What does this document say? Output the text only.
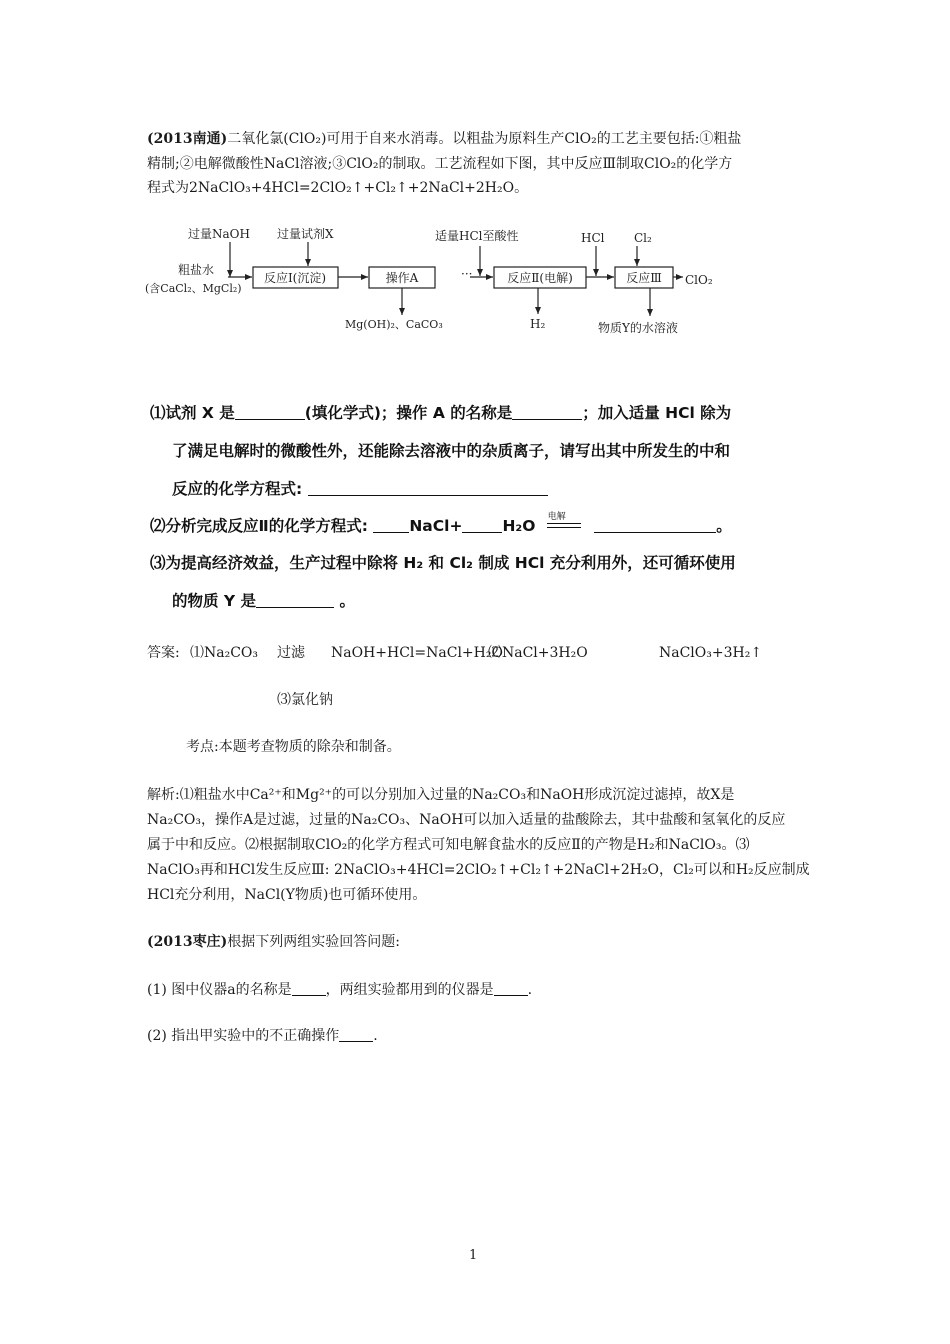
(2013南通)二氧化氯(ClO₂)可用于自来水消毒。以粗盐为原料生产ClO₂的工艺主要包括:①粗盐
精制;②电解微酸性NaCl溶液;③ClO₂的制取。工艺流程如下图，其中反应Ⅲ制取ClO₂的化学方
程式为2NaClO₃+4HCl=2ClO₂↑+Cl₂↑+2NaCl+2H₂O。
过量NaOH 过量试剂X	适量HCl至酸性	HCl Cl₂
粗盐水
(含CaCl₂、MgCl₂)
···	ClO₂
Mg(OH)₂、CaCO₃	H₂	物质Y的水溶液
反应Ⅰ(沉淀)	操作A	反应Ⅱ(电解)	反应Ⅲ
⑴试剂 X 是	(填化学式)；操作 A 的名称是	；加入适量 HCl 除为
了满足电解时的微酸性外，还能除去溶液中的杂质离子，请写出其中所发生的中和
反应的化学方程式:
⑵分析完成反应Ⅱ的化学方程式:	NaCl+	H₂O 电解	。
⑶为提高经济效益，生产过程中除将 H₂ 和 Cl₂ 制成 HCl 充分利用外，还可循环使用
的物质 Y 是	。
答案: ⑴Na₂CO₃ 过滤 NaOH+HCl=NaCl+H₂O
⑵NaCl+3H₂O	NaClO₃+3H₂↑
⑶氯化钠
考点:本题考查物质的除杂和制备。
解析:⑴粗盐水中Ca²⁺和Mg²⁺的可以分别加入过量的Na₂CO₃和NaOH形成沉淀过滤掉，故X是
Na₂CO₃，操作A是过滤，过量的Na₂CO₃、NaOH可以加入适量的盐酸除去，其中盐酸和氢氧化的反应
属于中和反应。⑵根据制取ClO₂的化学方程式可知电解食盐水的反应Ⅱ的产物是H₂和NaClO₃。⑶
NaClO₃再和HCl发生反应Ⅲ: 2NaClO₃+4HCl=2ClO₂↑+Cl₂↑+2NaCl+2H₂O，Cl₂可以和H₂反应制成
HCl充分利用，NaCl(Y物质)也可循环使用。
(2013枣庄)根据下列两组实验回答问题:
(1) 图中仪器a的名称是 ，两组实验都用到的仪器是 .
(2) 指出甲实验中的不正确操作 .
1
